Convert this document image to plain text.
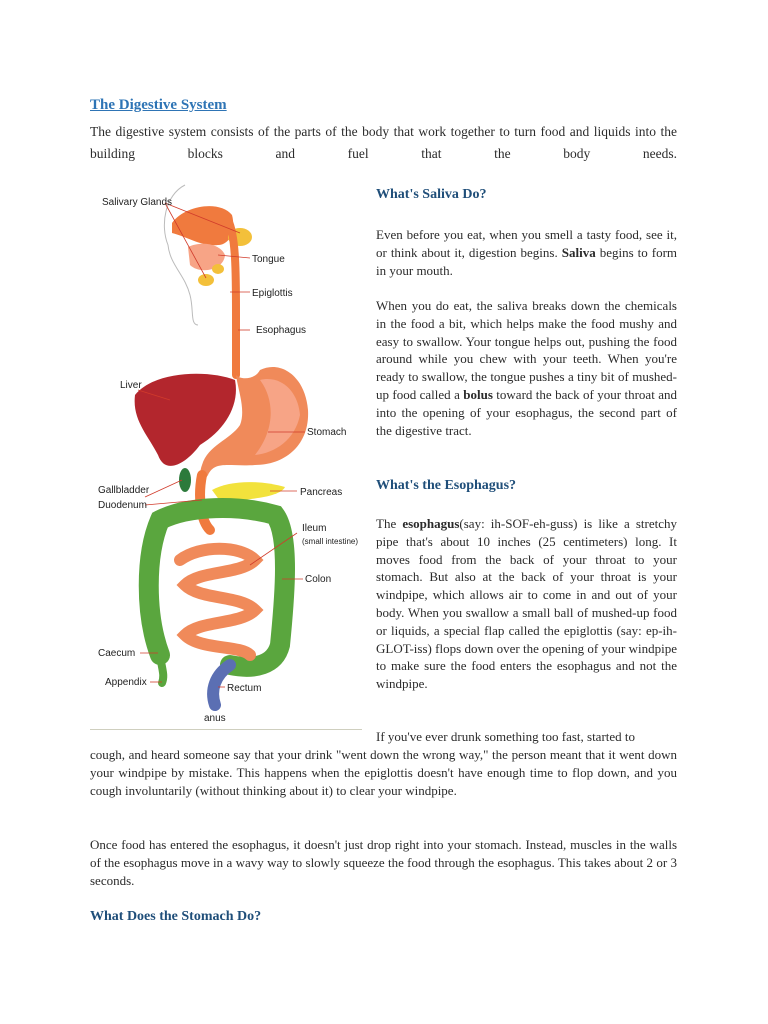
The Digestive System
The digestive system consists of the parts of the body that work together to turn food and liquids into the building blocks and fuel that the body needs.
Salivary Glands
Tongue
Epiglottis
Esophagus
Liver
Stomach
Gallbladder
Duodenum
Pancreas
Ileum
(small intestine)
Colon
Caecum
Appendix
Rectum
anus
What's Saliva Do?
Even before you eat, when you smell a tasty food, see it, or think about it, digestion begins. Saliva begins to form in your mouth.
When you do eat, the saliva breaks down the chemicals in the food a bit, which helps make the food mushy and easy to swallow. Your tongue helps out, pushing the food around while you chew with your teeth. When you're ready to swallow, the tongue pushes a tiny bit of mushed-up food called a bolus toward the back of your throat and into the opening of your esophagus, the second part of the digestive tract.
What's the Esophagus?
The esophagus(say: ih-SOF-eh-guss) is like a stretchy pipe that's about 10 inches (25 centimeters) long. It moves food from the back of your throat to your stomach. But also at the back of your throat is your windpipe, which allows air to come in and out of your body. When you swallow a small ball of mushed-up food or liquids, a special flap called the epiglottis (say: ep-ih-GLOT-iss) flops down over the opening of your windpipe to make sure the food enters the esophagus and not the windpipe.
If you've ever drunk something too fast, started to
cough, and heard someone say that your drink "went down the wrong way," the person meant that it went down your windpipe by mistake. This happens when the epiglottis doesn't have enough time to flop down, and you cough involuntarily (without thinking about it) to clear your windpipe.
Once food has entered the esophagus, it doesn't just drop right into your stomach. Instead, muscles in the walls of the esophagus move in a wavy way to slowly squeeze the food through the esophagus. This takes about 2 or 3 seconds.
What Does the Stomach Do?
